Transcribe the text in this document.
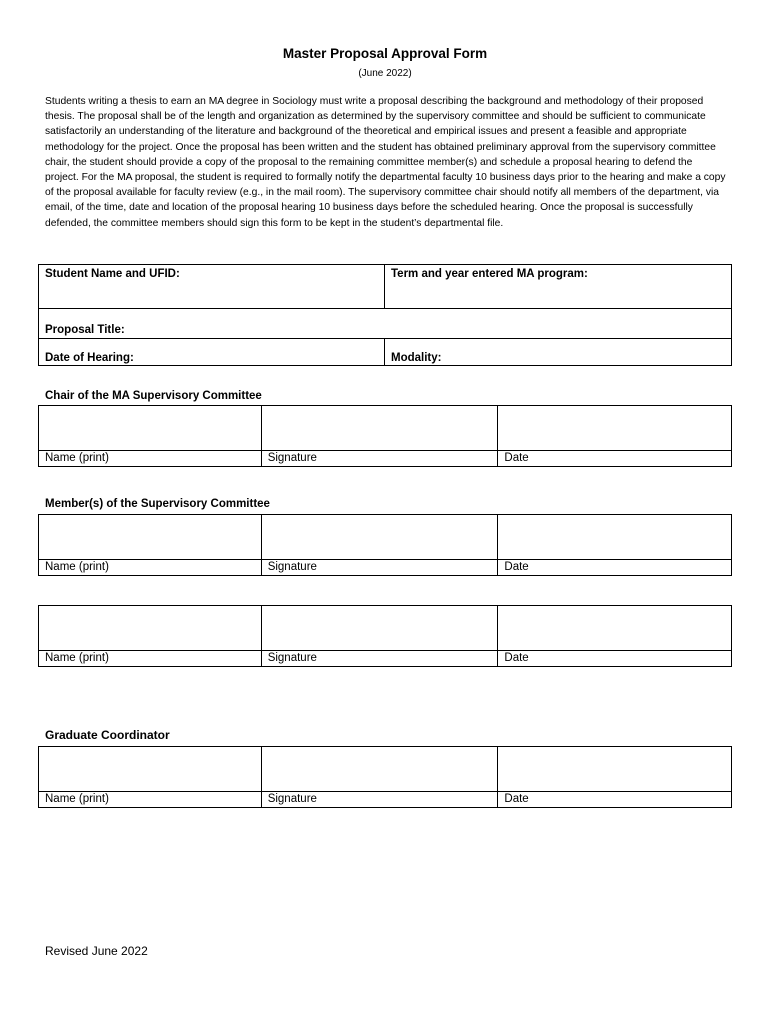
Master Proposal Approval Form
(June 2022)

Students writing a thesis to earn an MA degree in Sociology must write a proposal describing the background and methodology of their proposed thesis. The proposal shall be of the length and organization as determined by the supervisory committee and should be sufficient to communicate satisfactorily an understanding of the literature and background of the theoretical and empirical issues and present a feasible and appropriate methodology for the project. Once the proposal has been written and the student has obtained preliminary approval from the supervisory committee chair, the student should provide a copy of the proposal to the remaining committee member(s) and schedule a proposal hearing to defend the project. For the MA proposal, the student is required to formally notify the departmental faculty 10 business days prior to the hearing and make a copy of the proposal available for faculty review (e.g., in the mail room). The supervisory committee chair should notify all members of the department, via email, of the time, date and location of the proposal hearing 10 business days before the scheduled hearing. Once the proposal is successfully defended, the committee members should sign this form to be kept in the student’s departmental file.

Student Name and UFID:	Term and year entered MA program:
Proposal Title:	
Date of Hearing:	Modality:
Chair of the MA Supervisory Committee

Name (print)	Signature	Date
Member(s) of the Supervisory Committee

Name (print)	Signature	Date

Name (print)	Signature	Date
Graduate Coordinator

Name (print)	Signature	Date
Revised June 2022
